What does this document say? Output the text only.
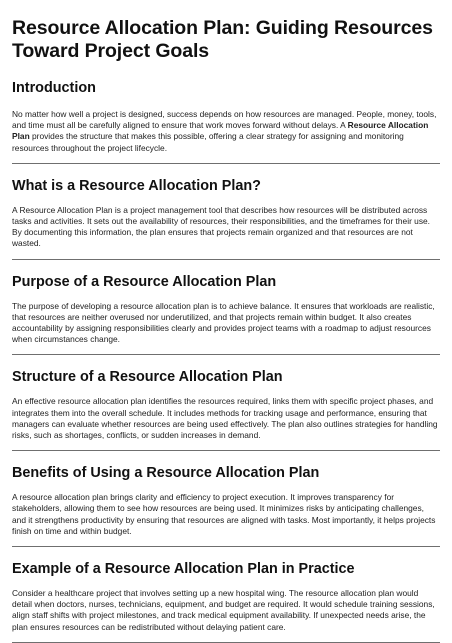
Resource Allocation Plan: Guiding Resources Toward Project Goals
Introduction

No matter how well a project is designed, success depends on how resources are managed. People, money, tools, and time must all be carefully aligned to ensure that work moves forward without delays. A Resource Allocation Plan provides the structure that makes this possible, offering a clear strategy for assigning and monitoring resources throughout the project lifecycle.

What is a Resource Allocation Plan?

A Resource Allocation Plan is a project management tool that describes how resources will be distributed across tasks and activities. It sets out the availability of resources, their responsibilities, and the timeframes for their use. By documenting this information, the plan ensures that projects remain organized and that resources are not wasted.

Purpose of a Resource Allocation Plan

The purpose of developing a resource allocation plan is to achieve balance. It ensures that workloads are realistic, that resources are neither overused nor underutilized, and that projects remain within budget. It also creates accountability by assigning responsibilities clearly and provides project teams with a roadmap to adjust resources when circumstances change.

Structure of a Resource Allocation Plan

An effective resource allocation plan identifies the resources required, links them with specific project phases, and integrates them into the overall schedule. It includes methods for tracking usage and performance, ensuring that managers can evaluate whether resources are being used effectively. The plan also outlines strategies for handling risks, such as shortages, conflicts, or sudden increases in demand.

Benefits of Using a Resource Allocation Plan

A resource allocation plan brings clarity and efficiency to project execution. It improves transparency for stakeholders, allowing them to see how resources are being used. It minimizes risks by anticipating challenges, and it strengthens productivity by ensuring that resources are aligned with tasks. Most importantly, it helps projects finish on time and within budget.

Example of a Resource Allocation Plan in Practice

Consider a healthcare project that involves setting up a new hospital wing. The resource allocation plan would detail when doctors, nurses, technicians, equipment, and budget are required. It would schedule training sessions, align staff shifts with project milestones, and track medical equipment availability. If unexpected needs arise, the plan ensures resources can be redistributed without delaying patient care.
